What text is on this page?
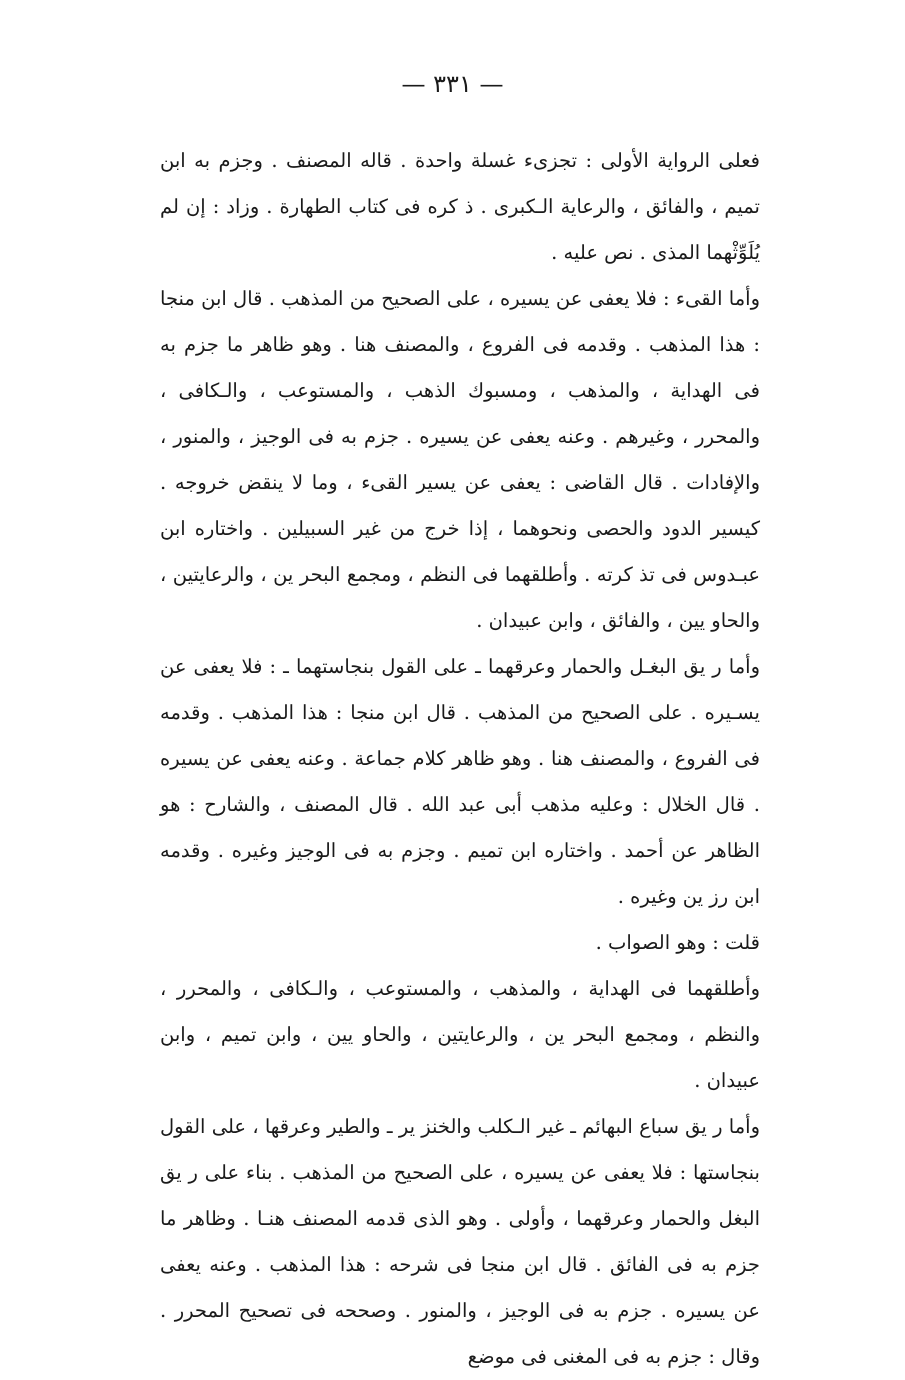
— ٣٣١ —

فعلى الرواية الأولى : تجزىء غسلة واحدة . قاله المصنف . وجزم به ابن تميم ، والفائق ، والرعاية الـكبرى . ذ كره فى كتاب الطهارة . وزاد : إن لم يُلَوِّثْهما المذى . نص عليه .

وأما القىء : فلا يعفى عن يسيره ، على الصحيح من المذهب . قال ابن منجا : هذا المذهب . وقدمه فى الفروع ، والمصنف هنا . وهو ظاهر ما جزم به فى الهداية ، والمذهب ، ومسبوك الذهب ، والمستوعب ، والـكافى ، والمحرر ، وغيرهم . وعنه يعفى عن يسيره . جزم به فى الوجيز ، والمنور ، والإفادات . قال القاضى : يعفى عن يسير القىء ، وما لا ينقض خروجه . كيسير الدود والحصى ونحوهما ، إذا خرج من غير السبيلين . واختاره ابن عبـدوس فى تذ كرته . وأطلقهما فى النظم ، ومجمع البحر ين ، والرعايتين ، والحاو يين ، والفائق ، وابن عبيدان .

وأما ر يق البغـل والحمار وعرقهما ـ على القول بنجاستهما ـ : فلا يعفى عن يسـيره . على الصحيح من المذهب . قال ابن منجا : هذا المذهب . وقدمه فى الفروع ، والمصنف هنا . وهو ظاهر كلام جماعة . وعنه يعفى عن يسيره . قال الخلال : وعليه مذهب أبى عبد الله . قال المصنف ، والشارح : هو الظاهر عن أحمد . واختاره ابن تميم . وجزم به فى الوجيز وغيره . وقدمه ابن رز ين وغيره .

قلت : وهو الصواب .

وأطلقهما فى الهداية ، والمذهب ، والمستوعب ، والـكافى ، والمحرر ، والنظم ، ومجمع البحر ين ، والرعايتين ، والحاو يين ، وابن تميم ، وابن عبيدان .

وأما ر يق سباع البهائم ـ غير الـكلب والخنز ير ـ والطير وعرقها ، على القول بنجاستها : فلا يعفى عن يسيره ، على الصحيح من المذهب . بناء على ر يق البغل والحمار وعرقهما ، وأولى . وهو الذى قدمه المصنف هنـا . وظاهر ما جزم به فى الفائق . قال ابن منجا فى شرحه : هذا المذهب . وعنه يعفى عن يسيره . جزم به فى الوجيز ، والمنور . وصححه فى تصحيح المحرر . وقال : جزم به فى المغنى فى موضع
